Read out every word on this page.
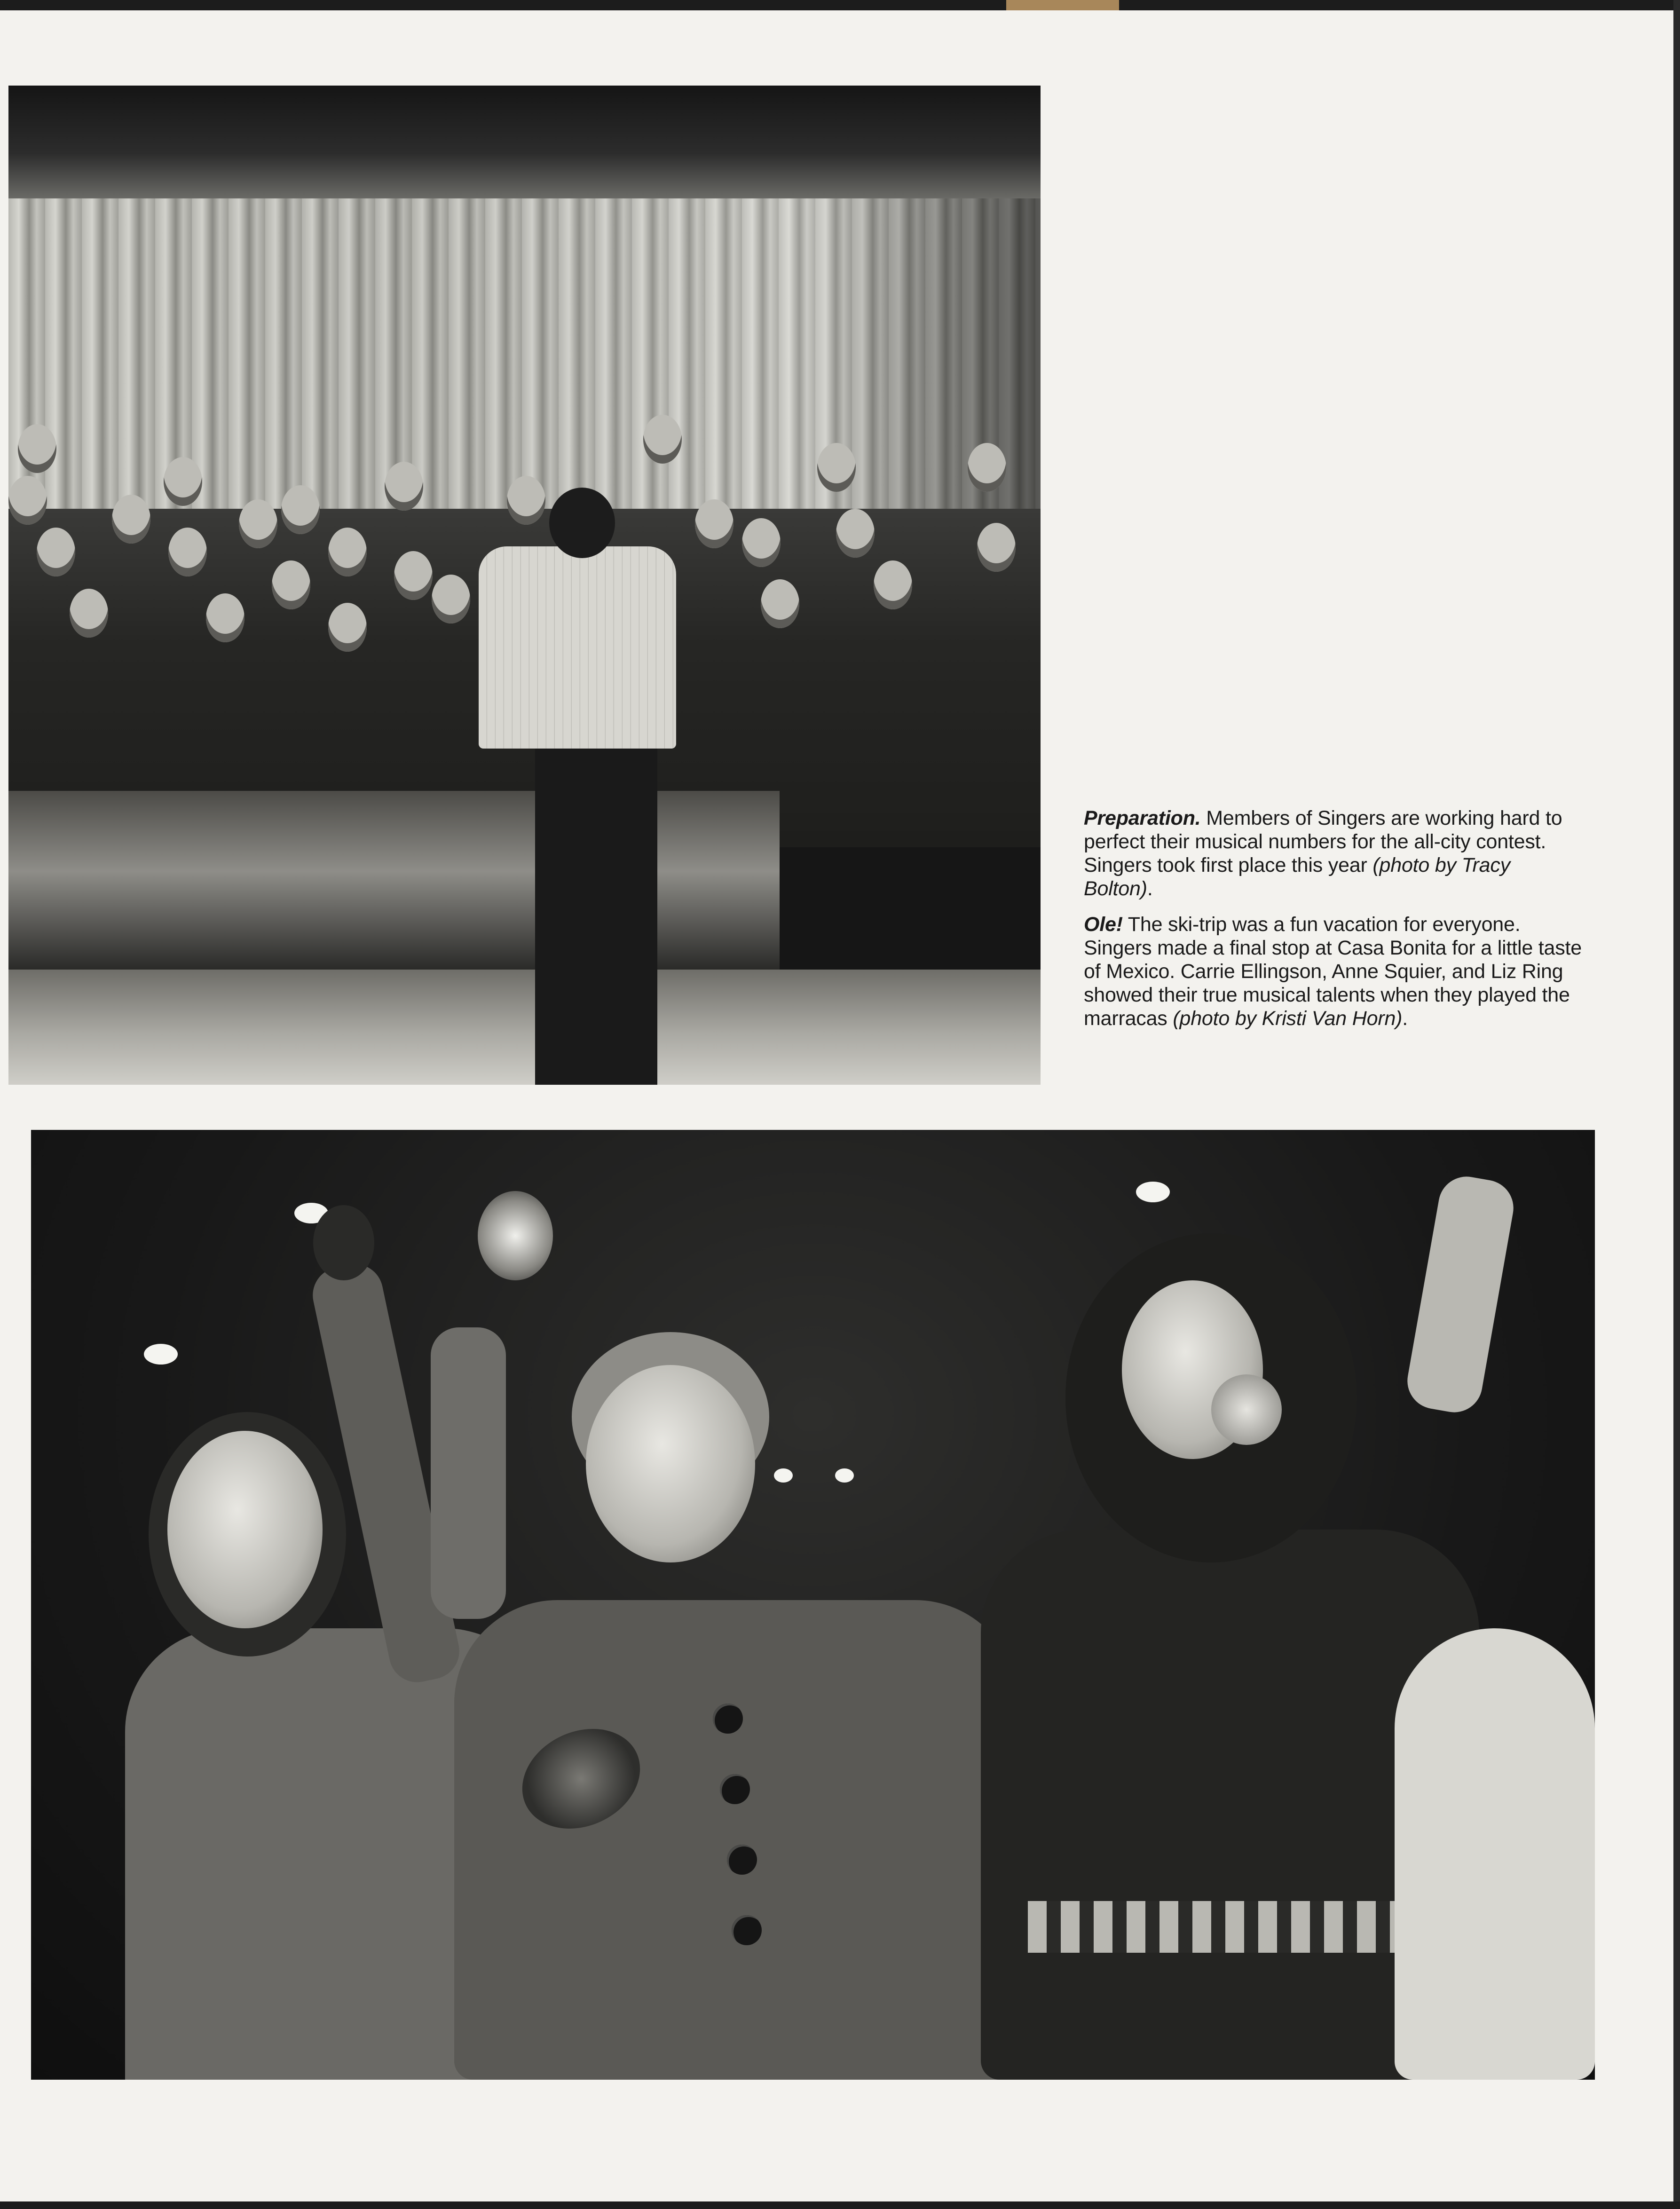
Preparation. Members of Singers are working hard to perfect their musical numbers for the all-city contest. Singers took first place this year (photo by Tracy Bolton).

Ole! The ski-trip was a fun vacation for everyone. Singers made a final stop at Casa Bonita for a little taste of Mexico. Carrie Ellingson, Anne Squier, and Liz Ring showed their true musical talents when they played the marracas (photo by Kristi Van Horn).
